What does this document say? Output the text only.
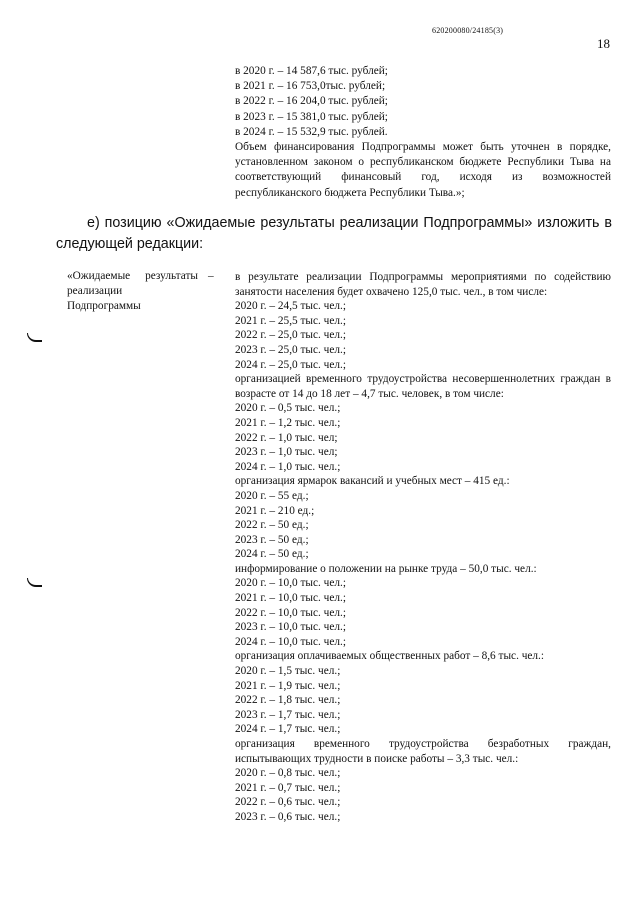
620200080/24185(3)
18
в 2020 г. – 14 587,6 тыс. рублей;
в 2021 г. – 16 753,0тыс. рублей;
в 2022 г. – 16 204,0 тыс. рублей;
в 2023 г. – 15 381,0 тыс. рублей;
в 2024 г. – 15 532,9 тыс. рублей.
Объем финансирования Подпрограммы может быть уточнен в порядке, установленном законом о республиканском бюджете Республики Тыва на соответствующий финансовый год, исходя из возможностей республиканского бюджета Республики Тыва.»;
е) позицию «Ожидаемые результаты реализации Подпрограммы» изложить в следующей редакции:
«Ожидаемые результаты реализации Подпрограммы
– в результате реализации Подпрограммы мероприятиями по содействию занятости населения будет охвачено 125,0 тыс. чел., в том числе:
2020 г. – 24,5 тыс. чел.;
2021 г. – 25,5 тыс. чел.;
2022 г. – 25,0 тыс. чел.;
2023 г. – 25,0 тыс. чел.;
2024 г. – 25,0 тыс. чел.;
организацией временного трудоустройства несовершеннолетних граждан в возрасте от 14 до 18 лет – 4,7 тыс. человек, в том числе:
2020 г. – 0,5 тыс. чел.;
2021 г. – 1,2 тыс. чел.;
2022 г. – 1,0 тыс. чел;
2023 г. – 1,0 тыс. чел;
2024 г. – 1,0 тыс. чел.;
организация ярмарок вакансий и учебных мест – 415 ед.:
2020 г. – 55 ед.;
2021 г. – 210 ед.;
2022 г. – 50 ед.;
2023 г. – 50 ед.;
2024 г. – 50 ед.;
информирование о положении на рынке труда – 50,0 тыс. чел.:
2020 г. – 10,0 тыс. чел.;
2021 г. – 10,0 тыс. чел.;
2022 г. – 10,0 тыс. чел.;
2023 г. – 10,0 тыс. чел.;
2024 г. – 10,0 тыс. чел.;
организация оплачиваемых общественных работ – 8,6 тыс. чел.:
2020 г. – 1,5 тыс. чел.;
2021 г. – 1,9 тыс. чел.;
2022 г. – 1,8 тыс. чел.;
2023 г. – 1,7 тыс. чел.;
2024 г. – 1,7 тыс. чел.;
организация временного трудоустройства безработных граждан, испытывающих трудности в поиске работы – 3,3 тыс. чел.:
2020 г. – 0,8 тыс. чел.;
2021 г. – 0,7 тыс. чел.;
2022 г. – 0,6 тыс. чел.;
2023 г. – 0,6 тыс. чел.;
